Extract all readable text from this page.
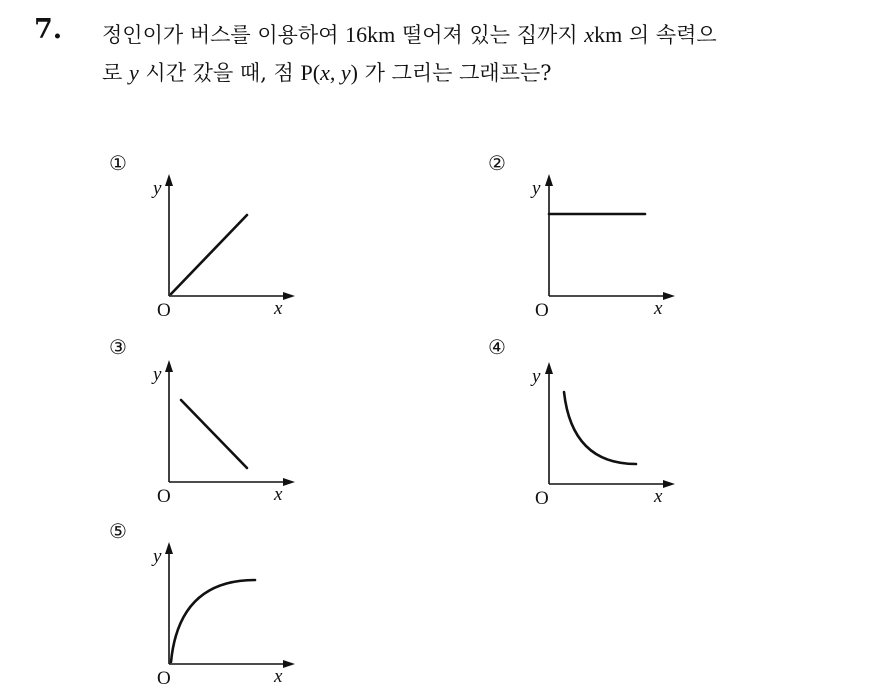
7. 정인이가 버스를 이용하여 16km 떨어져 있는 집까지 xkm 의 속력으
로 y 시간 갔을 때, 점 P(x, y) 가 그리는 그래프는?
①
y
x
O
②
y
x
O
③
y
x
O
④
y
x
O
⑤
y
x
O
